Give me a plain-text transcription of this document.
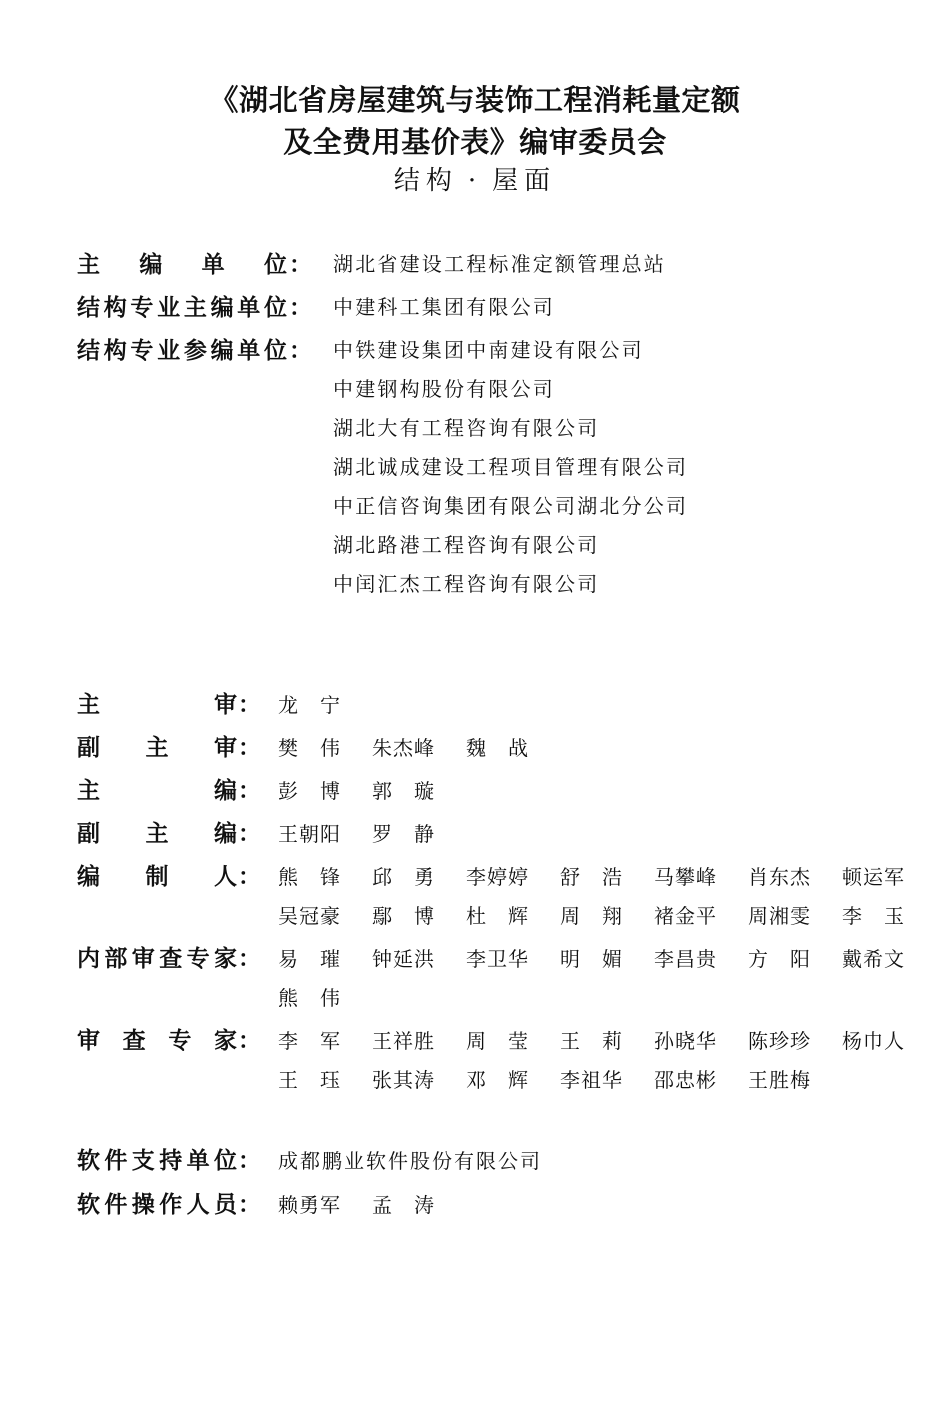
《湖北省房屋建筑与装饰工程消耗量定额
及全费用基价表》编审委员会
结构 · 屋面
主编单位 ： 湖北省建设工程标准定额管理总站
结构专业主编单位 ： 中建科工集团有限公司
结构专业参编单位 ： 中铁建设集团中南建设有限公司
中建钢构股份有限公司
湖北大有工程咨询有限公司
湖北诚成建设工程项目管理有限公司
中正信咨询集团有限公司湖北分公司
湖北路港工程咨询有限公司
中闰汇杰工程咨询有限公司
主审 ： 龙　宁
副主审 ： 樊　伟	朱杰峰	魏　战
主编 ： 彭　博	郭　璇
副主编 ： 王朝阳	罗　静
编制人 ： 熊　锋	邱　勇	李婷婷	舒　浩	马攀峰	肖东杰	顿运军
吴冠豪	鄢　博	杜　辉	周　翔	褚金平	周湘雯	李　玉
内部审查专家 ： 易　璀	钟延洪	李卫华	明　媚	李昌贵	方　阳	戴希文
熊　伟
审查专家 ： 李　军	王祥胜	周　莹	王　莉	孙晓华	陈珍珍	杨巾人
王　珏	张其涛	邓　辉	李祖华	邵忠彬	王胜梅
软件支持单位 ： 成都鹏业软件股份有限公司
软件操作人员 ： 赖勇军	孟　涛
